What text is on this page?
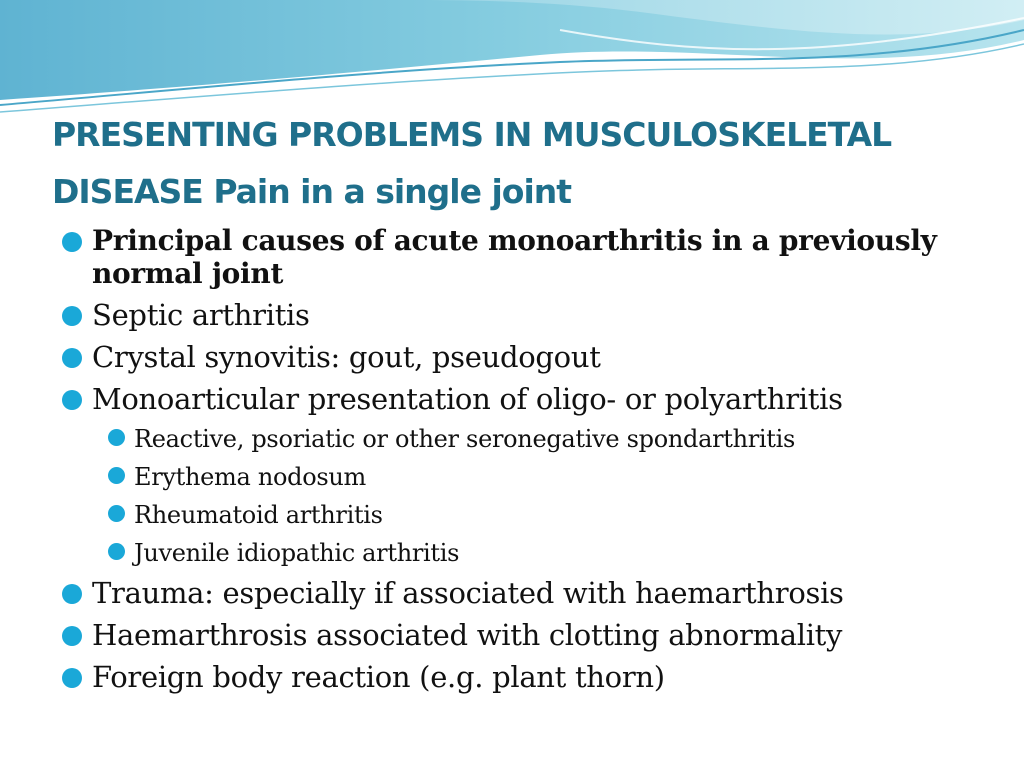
PRESENTING PROBLEMS IN MUSCULOSKELETAL DISEASE Pain in a single joint
Principal causes of acute monoarthritis in a previously normal joint
Septic arthritis
Crystal synovitis: gout, pseudogout
Monoarticular presentation of oligo- or polyarthritis
Reactive, psoriatic or other seronegative spondarthritis
Erythema nodosum
Rheumatoid arthritis
Juvenile idiopathic arthritis
Trauma: especially if associated with haemarthrosis
Haemarthrosis associated with clotting abnormality
Foreign body reaction (e.g. plant thorn)
